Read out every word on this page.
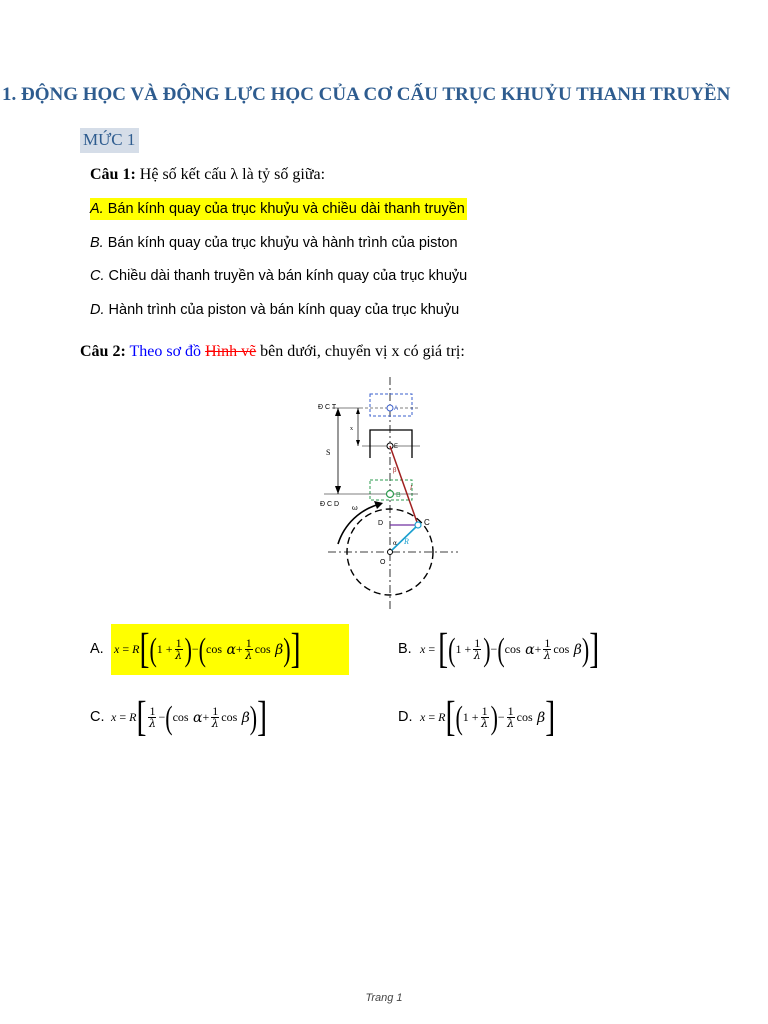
1. ĐỘNG HỌC VÀ ĐỘNG LỰC HỌC CỦA CƠ CẤU TRỤC KHUỶU THANH TRUYỀN
MỨC 1
Câu 1: Hệ số kết cấu λ là tỷ số giữa:
A. Bán kính quay của trục khuỷu và chiều dài thanh truyền
B. Bán kính quay của trục khuỷu và hành trình của piston
C. Chiều dài thanh truyền và bán kính quay của trục khuỷu
D. Hành trình của piston và bán kính quay của trục khuỷu
Câu 2: Theo sơ đồ Hình vẽ bên dưới, chuyển vị x có giá trị:
Đ C T
Đ C D
S
x
A
E
B
C
D
O
R
l
ω
α
β
A. x = R [ ( $1 + \frac{1}{\lambda}$ ) − ( $\cos \alpha + \frac{1}{\lambda}$ cos β ) ]	B. x = [ ( $1 + \frac{1}{\lambda}$ ) − ( $\cos \alpha + \frac{1}{\lambda}$ cos β ) ]
C. x = R [ $\frac{1}{\lambda}$ − ( $\cos \alpha + \frac{1}{\lambda}$ cos β ) ]	D. x = R [ ( $1 + \frac{1}{\lambda}$ ) − $\frac{1}{\lambda}$ cos β ]
Trang 1
